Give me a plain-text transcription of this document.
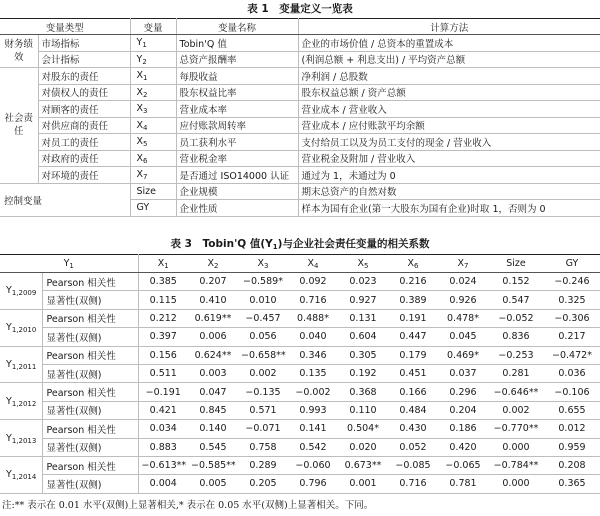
表 1　变量定义一览表
变量类型		变量	变量名称	计算方法
财务绩效	市场指标	$Y_1$	Tobin'Q 值	企业的市场价值 / 总资本的重置成本
	会计指标	$Y_2$	总资产报酬率	(利润总额 + 利息支出) / 平均资产总额
社会责任	对股东的责任	$X_1$	每股收益	净利润 / 总股数
	对债权人的责任	$X_2$	股东权益比率	股东权益总额 / 资产总额
	对顾客的责任	$X_3$	营业成本率	营业成本 / 营业收入
	对供应商的责任	$X_4$	应付账款周转率	营业成本 / 应付账款平均余额
	对员工的责任	$X_5$	员工获利水平	支付给员工以及为员工支付的现金 / 营业收入
	对政府的责任	$X_6$	营业税金率	营业税金及附加 / 营业收入
	对环境的责任	$X_7$	是否通过 ISO14000 认证	通过为 1，未通过为 0
控制变量		Size	企业规模	期末总资产的自然对数
		GY	企业性质	样本为国有企业(第一大股东为国有企业)时取 1，否则为 0
表 3　Tobin'Q 值$(Y_1)$与企业社会责任变量的相关系数
$Y_1$		$X_1$	$X_2$	$X_3$	$X_4$	$X_5$	$X_6$	$X_7$	Size	GY
$Y_{1,2009}$	Pearson 相关性	0.385	0.207	−0.589*	0.092	0.023	0.216	0.024	0.152	−0.246
	显著性(双侧)	0.115	0.410	0.010	0.716	0.927	0.389	0.926	0.547	0.325
$Y_{1,2010}$	Pearson 相关性	0.212	0.619**	−0.457	0.488*	0.131	0.191	0.478*	−0.052	−0.306
	显著性(双侧)	0.397	0.006	0.056	0.040	0.604	0.447	0.045	0.836	0.217
$Y_{1,2011}$	Pearson 相关性	0.156	0.624**	−0.658**	0.346	0.305	0.179	0.469*	−0.253	−0.472*
	显著性(双侧)	0.511	0.003	0.002	0.135	0.192	0.451	0.037	0.281	0.036
$Y_{1,2012}$	Pearson 相关性	−0.191	0.047	−0.135	−0.002	0.368	0.166	0.296	−0.646**	−0.106
	显著性(双侧)	0.421	0.845	0.571	0.993	0.110	0.484	0.204	0.002	0.655
$Y_{1,2013}$	Pearson 相关性	0.034	0.140	−0.071	0.141	0.504*	0.430	0.186	−0.770**	0.012
	显著性(双侧)	0.883	0.545	0.758	0.542	0.020	0.052	0.420	0.000	0.959
$Y_{1,2014}$	Pearson 相关性	−0.613**	−0.585**	0.289	−0.060	0.673**	−0.085	−0.065	−0.784**	0.208
	显著性(双侧)	0.004	0.005	0.205	0.796	0.001	0.716	0.781	0.000	0.365
注:** 表示在 0.01 水平(双侧)上显著相关,* 表示在 0.05 水平(双侧)上显著相关。下同。
